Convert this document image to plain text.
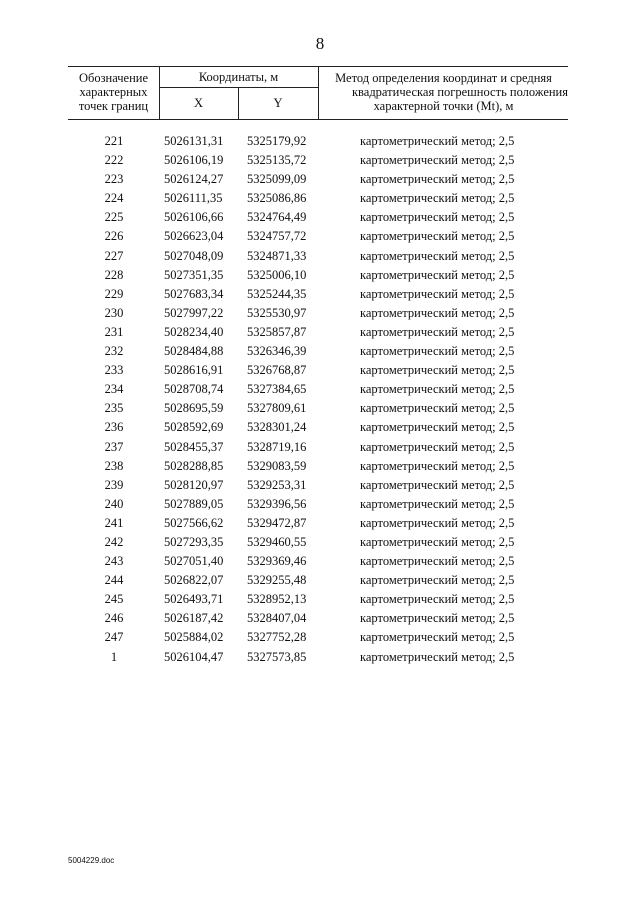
8
Обозначение
характерных
точек границ
Координаты, м
X	Y
Метод определения координат и средняя
квадратическая погрешность положения
характерной точки (Mt), м
221	5026131,31	5325179,92	картометрический метод; 2,5
222	5026106,19	5325135,72	картометрический метод; 2,5
223	5026124,27	5325099,09	картометрический метод; 2,5
224	5026111,35	5325086,86	картометрический метод; 2,5
225	5026106,66	5324764,49	картометрический метод; 2,5
226	5026623,04	5324757,72	картометрический метод; 2,5
227	5027048,09	5324871,33	картометрический метод; 2,5
228	5027351,35	5325006,10	картометрический метод; 2,5
229	5027683,34	5325244,35	картометрический метод; 2,5
230	5027997,22	5325530,97	картометрический метод; 2,5
231	5028234,40	5325857,87	картометрический метод; 2,5
232	5028484,88	5326346,39	картометрический метод; 2,5
233	5028616,91	5326768,87	картометрический метод; 2,5
234	5028708,74	5327384,65	картометрический метод; 2,5
235	5028695,59	5327809,61	картометрический метод; 2,5
236	5028592,69	5328301,24	картометрический метод; 2,5
237	5028455,37	5328719,16	картометрический метод; 2,5
238	5028288,85	5329083,59	картометрический метод; 2,5
239	5028120,97	5329253,31	картометрический метод; 2,5
240	5027889,05	5329396,56	картометрический метод; 2,5
241	5027566,62	5329472,87	картометрический метод; 2,5
242	5027293,35	5329460,55	картометрический метод; 2,5
243	5027051,40	5329369,46	картометрический метод; 2,5
244	5026822,07	5329255,48	картометрический метод; 2,5
245	5026493,71	5328952,13	картометрический метод; 2,5
246	5026187,42	5328407,04	картометрический метод; 2,5
247	5025884,02	5327752,28	картометрический метод; 2,5
1	5026104,47	5327573,85	картометрический метод; 2,5
5004229.doc
